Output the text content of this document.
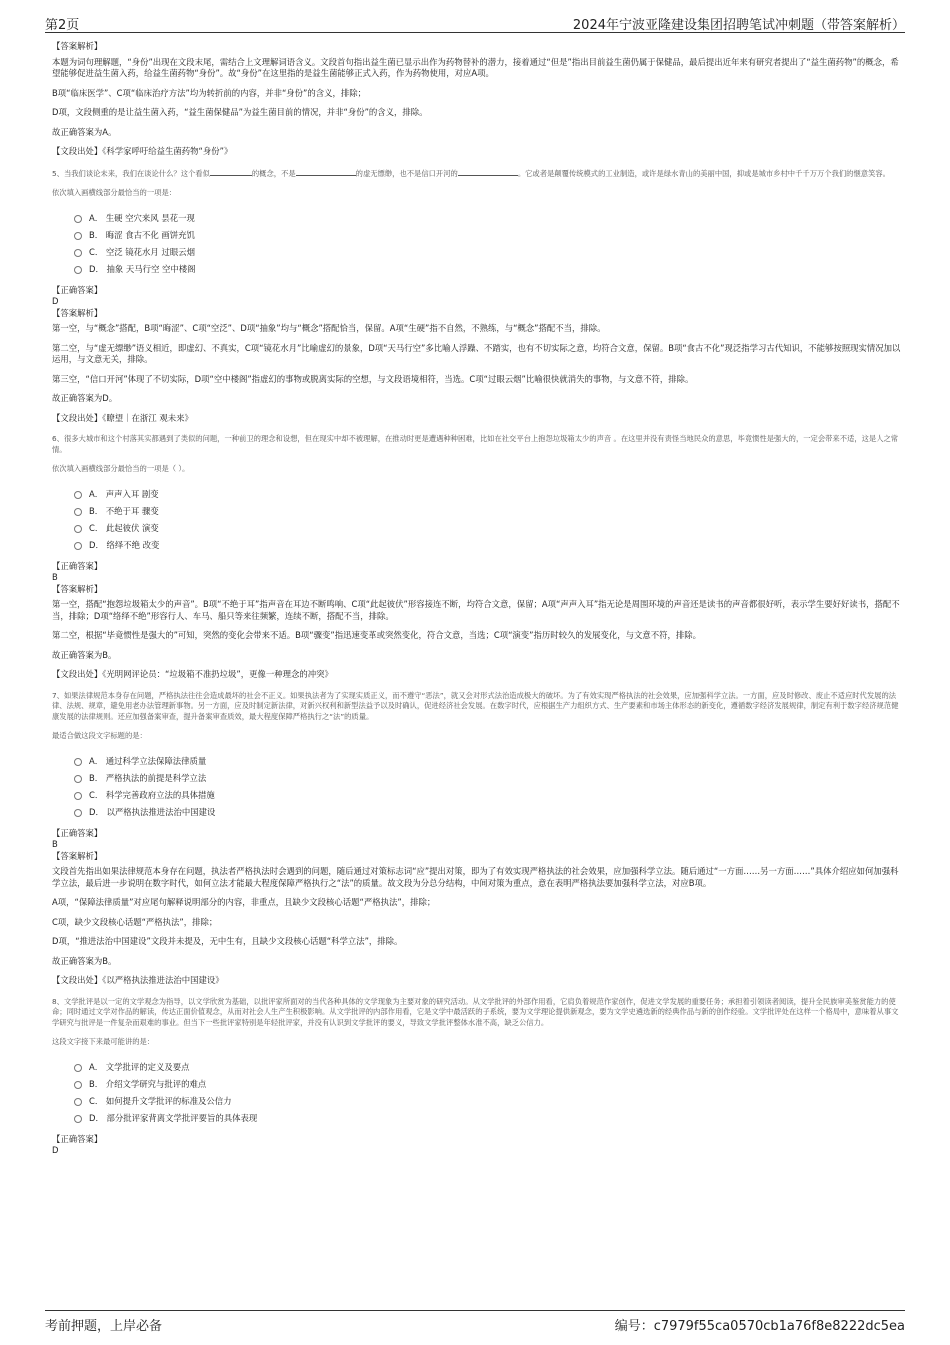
第2页	2024年宁波亚隆建设集团招聘笔试冲刺题（带答案解析）

【答案解析】

本题为词句理解题，“身份”出现在文段末尾，需结合上文理解词语含义。文段首句指出益生菌已显示出作为药物替补的潜力，接着通过“但是”指出目前益生菌仍属于保健品，最后提出近年来有研究者提出了“益生菌药物”的概念，希望能够促进益生菌入药，给益生菌药物“身份”。故“身份”在这里指的是益生菌能够正式入药，作为药物使用，对应A项。

B项“临床医学”、C项“临床治疗方法”均为转折前的内容，并非“身份”的含义，排除；

D项，文段侧重的是让益生菌入药，“益生菌保健品”为益生菌目前的情况，并非“身份”的含义，排除。

故正确答案为A。

【文段出处】《科学家呼吁给益生菌药物“身份”》

5、当我们谈论未来，我们在谈论什么？这个看似	的概念，不是	的虚无缥缈，也不是信口开河的	。它或者是颠覆传统模式的工业制造，或许是绿水青山的美丽中国，抑或是城市乡村中千千万万个我们的惬意笑容。

依次填入画横线部分最恰当的一项是：

A． 生硬 空穴来风 昙花一现
B． 晦涩 食古不化 画饼充饥
C． 空泛 镜花水月 过眼云烟
D． 抽象 天马行空 空中楼阁

【正确答案】

D

【答案解析】

第一空，与“概念”搭配，B项“晦涩”、C项“空泛”、D项“抽象”均与“概念”搭配恰当，保留。A项“生硬”指不自然，不熟练，与“概念”搭配不当，排除。

第二空，与“虚无缥缈”语义相近，即虚幻、不真实，C项“镜花水月”比喻虚幻的景象，D项“天马行空”多比喻人浮躁、不踏实，也有不切实际之意，均符合文意，保留。B项“食古不化”现泛指学习古代知识，不能够按照现实情况加以运用，与文意无关，排除。

第三空，“信口开河”体现了不切实际，D项“空中楼阁”指虚幻的事物或脱离实际的空想，与文段语境相符，当选。C项“过眼云烟”比喻很快就消失的事物，与文意不符，排除。

故正确答案为D。

【文段出处】《瞭望｜在浙江 观未来》

6、很多大城市和这个村落其实都遇到了类似的问题，一种前卫的理念和设想，但在现实中却不被理解，在推动时更是遭遇种种困难，比如在社交平台上抱怨垃圾箱太少的声音 。在这里并没有责怪当地民众的意思，毕竟惯性是强大的，一定会带来不适，这是人之常情。

依次填入画横线部分最恰当的一项是（ ）。

A． 声声入耳 剧变
B． 不绝于耳 骤变
C． 此起彼伏 演变
D． 络绎不绝 改变

【正确答案】

B

【答案解析】

第一空，搭配“抱怨垃圾箱太少的声音”。B项“不绝于耳”指声音在耳边不断鸣响、C项“此起彼伏”形容接连不断，均符合文意，保留；A项“声声入耳”指无论是周围环境的声音还是读书的声音都很好听，表示学生要好好读书，搭配不当，排除；D项“络绎不绝”形容行人、车马、船只等来往频繁，连续不断，搭配不当，排除。

第二空，根据“毕竟惯性是强大的”可知，突然的变化会带来不适。B项“骤变”指迅速变革或突然变化，符合文意，当选；C项“演变”指历时较久的发展变化，与文意不符，排除。

故正确答案为B。

【文段出处】《光明网评论员：“垃圾箱不准扔垃圾”，更像一种理念的冲突》

7、如果法律规范本身存在问题，严格执法往往会造成最坏的社会不正义。如果执法者为了实现实质正义，而不遵守“恶法”，就又会对形式法治造成极大的破坏。为了有效实现严格执法的社会效果，应加强科学立法。一方面，应及时修改、废止不适应时代发展的法律、法规、规章，避免用老办法管理新事物。另一方面，应及时制定新法律，对新兴权利和新型法益予以及时确认，促进经济社会发展。在数字时代，应根据生产力组织方式、生产要素和市场主体形态的新变化，遵循数字经济发展规律，制定有利于数字经济规范健康发展的法律规则。还应加强备案审查，提升备案审查质效，最大程度保障严格执行之“法”的质量。

最适合做这段文字标题的是：

A． 通过科学立法保障法律质量
B． 严格执法的前提是科学立法
C． 科学完善政府立法的具体措施
D． 以严格执法推进法治中国建设

【正确答案】

B

【答案解析】

文段首先指出如果法律规范本身存在问题，执法者严格执法时会遇到的问题，随后通过对策标志词“应”提出对策，即为了有效实现严格执法的社会效果，应加强科学立法。随后通过“一方面……另一方面……”具体介绍应如何加强科学立法，最后进一步说明在数字时代，如何立法才能最大程度保障严格执行之“法”的质量。故文段为分总分结构，中间对策为重点，意在表明严格执法要加强科学立法，对应B项。

A项，“保障法律质量”对应尾句解释说明部分的内容，非重点，且缺少文段核心话题“严格执法”，排除；

C项，缺少文段核心话题“严格执法”，排除；

D项，“推进法治中国建设”文段并未提及，无中生有，且缺少文段核心话题“科学立法”，排除。

故正确答案为B。

【文段出处】《以严格执法推进法治中国建设》

8、文学批评是以一定的文学观念为指导，以文学欣赏为基础，以批评家所面对的当代各种具体的文学现象为主要对象的研究活动。从文学批评的外部作用看，它肩负着规范作家创作，促进文学发展的重要任务；承担着引领读者阅读，提升全民族审美鉴赏能力的使命；同时通过文学对作品的解读，传达正面价值观念，从而对社会人生产生积极影响。从文学批评的内部作用看，它是文学中最活跃的子系统，要为文学理论提供新观念，要为文学史遴选新的经典作品与新的创作经验。文学批评处在这样一个格局中，意味着从事文学研究与批评是一件复杂而艰难的事业。但当下一些批评家特别是年轻批评家，并没有认识到文学批评的要义，导致文学批评整体水准不高，缺乏公信力。

这段文字接下来最可能讲的是：

A． 文学批评的定义及要点
B． 介绍文学研究与批评的难点
C． 如何提升文学批评的标准及公信力
D． 部分批评家背离文学批评要旨的具体表现

【正确答案】

D

考前押题，上岸必备	编号：c7979f55ca0570cb1a76f8e8222dc5ea
